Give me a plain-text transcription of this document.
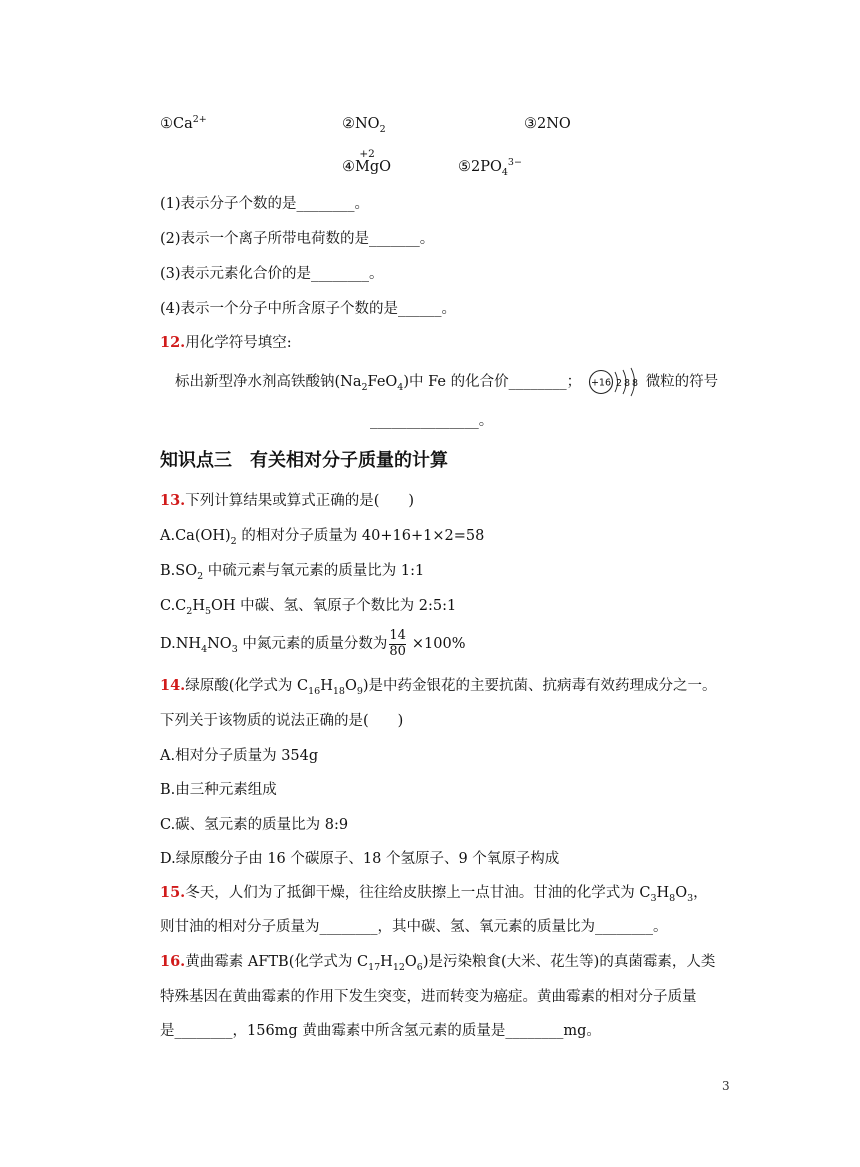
$①Ca^{2+}$	$②NO_2$	③2NO
④
+2
MgO	$⑤2PO_4^{3-}$
(1)表示分子个数的是________。
(2)表示一个离子所带电荷数的是_______。
(3)表示元素化合价的是________。
(4)表示一个分子中所含原子个数的是______。
12.用化学符号填空:
标出新型净水剂高铁酸钠$(Na_2FeO_4)$中 Fe 的化合价________； +16 2 8 8 微粒的符号
_______________。
知识点三　有关相对分子质量的计算
13.下列计算结果或算式正确的是(　　)
$A.Ca(OH)_2$ 的相对分子质量为 40+16+1×2=58
$B.SO_2$ 中硫元素与氧元素的质量比为 1:1
$C.C_2H_5OH$ 中碳、氢、氧原子个数比为 2:5:1
$D.NH_4NO_3$ 中氮元素的质量分数为 $\frac{14}{80} \times 100\%$
14.绿原酸(化学式为 $C_{16}H_{18}O_9$)是中药金银花的主要抗菌、抗病毒有效药理成分之一。
下列关于该物质的说法正确的是(　　)
A.相对分子质量为 354g
B.由三种元素组成
C.碳、氢元素的质量比为 8:9
D.绿原酸分子由 16 个碳原子、18 个氢原子、9 个氧原子构成
15.冬天，人们为了抵御干燥，往往给皮肤擦上一点甘油。甘油的化学式为 $C_3H_8O_3$，
则甘油的相对分子质量为________，其中碳、氢、氧元素的质量比为________。
16.黄曲霉素 AFTB(化学式为 $C_{17}H_{12}O_6$)是污染粮食(大米、花生等)的真菌霉素，人类
特殊基因在黄曲霉素的作用下发生突变，进而转变为癌症。黄曲霉素的相对分子质量
是________，156mg 黄曲霉素中所含氢元素的质量是________mg。
3
